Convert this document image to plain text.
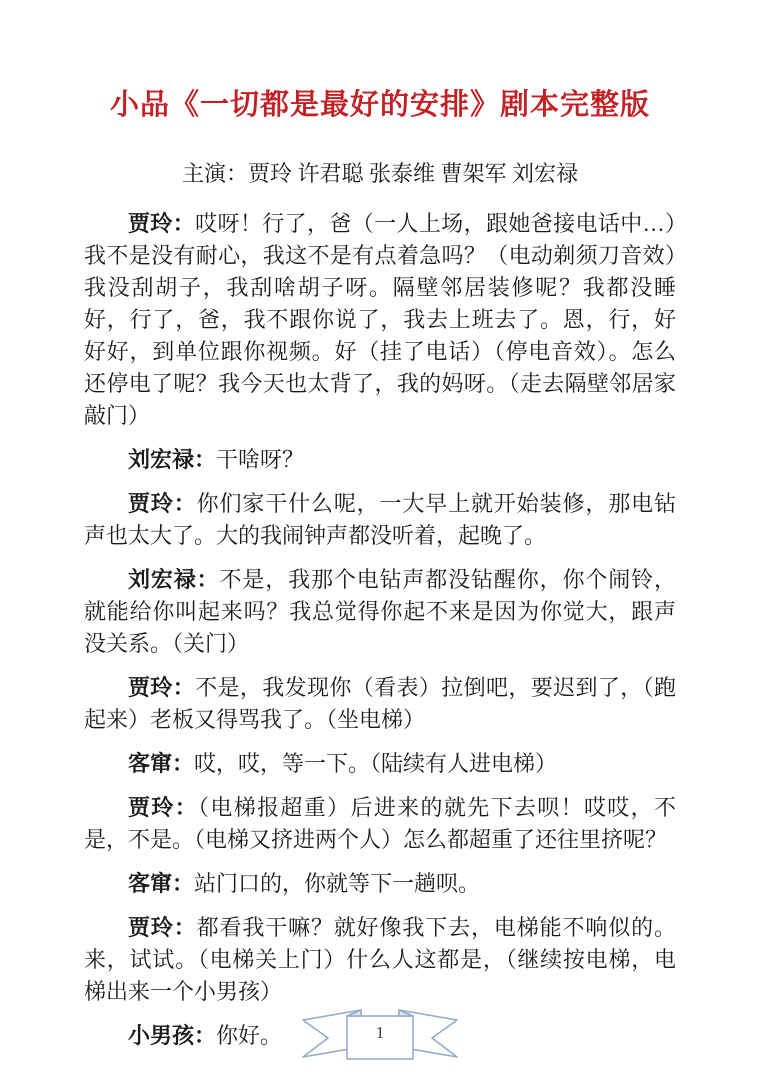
小品《一切都是最好的安排》剧本完整版
主演：贾玲 许君聪 张泰维 曹架军 刘宏禄

贾玲：哎呀！行了，爸（一人上场，跟她爸接电话中…）我不是没有耐心，我这不是有点着急吗？（电动剃须刀音效）我没刮胡子，我刮啥胡子呀。隔壁邻居装修呢？我都没睡好，行了，爸，我不跟你说了，我去上班去了。恩，行，好好好，到单位跟你视频。好（挂了电话）（停电音效）。怎么还停电了呢？我今天也太背了，我的妈呀。（走去隔壁邻居家敲门）

刘宏禄：干啥呀？

贾玲：你们家干什么呢，一大早上就开始装修，那电钻声也太大了。大的我闹钟声都没听着，起晚了。

刘宏禄：不是，我那个电钻声都没钻醒你，你个闹铃，就能给你叫起来吗？我总觉得你起不来是因为你觉大，跟声没关系。（关门）

贾玲：不是，我发现你（看表）拉倒吧，要迟到了，（跑起来）老板又得骂我了。（坐电梯）

客窜：哎，哎，等一下。（陆续有人进电梯）

贾玲：（电梯报超重）后进来的就先下去呗！哎哎，不是，不是。（电梯又挤进两个人）怎么都超重了还往里挤呢？

客窜：站门口的，你就等下一趟呗。

贾玲：都看我干嘛？就好像我下去，电梯能不响似的。来，试试。（电梯关上门）什么人这都是，（继续按电梯，电梯出来一个小男孩）

小男孩：你好。	1
